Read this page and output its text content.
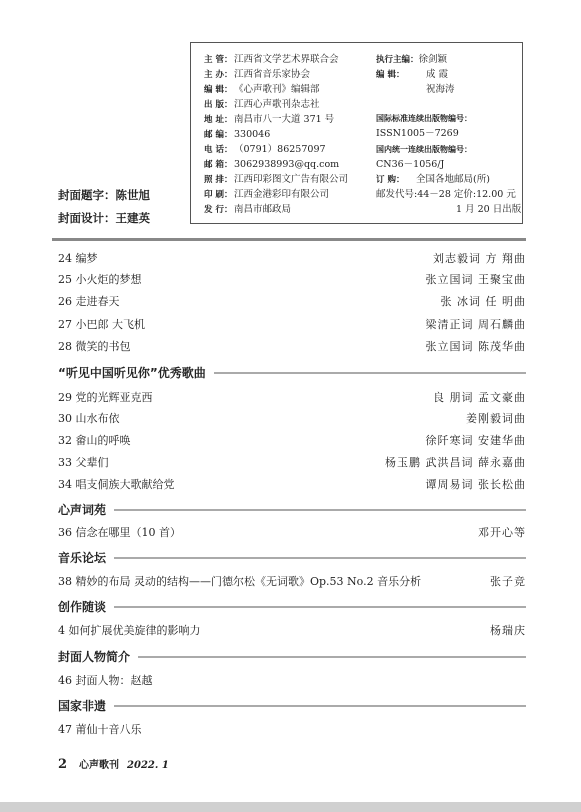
主 管： 江西省文学艺术界联合会
主 办： 江西省音乐家协会
编 辑： 《心声歌刊》编辑部
出 版： 江西心声歌刊杂志社
地 址： 南昌市八一大道 371 号
邮 编： 330046
电 话： （0791）86257097
邮 箱： 3062938993@qq.com
照 排： 江西印彩图文广告有限公司
印 刷： 江西金港彩印有限公司
发 行： 南昌市邮政局
执行主编：徐剑颖
编 辑： 成 霞
祝海涛
国际标准连续出版物编号：
ISSN1005－7269
国内统一连续出版物编号：
CN36－1056/J
订 购： 全国各地邮局(所)
邮发代号:44－28 定价:12.00 元
1 月 20 日出版
封面题字：陈世旭
封面设计：王建英
24 编梦	刘志毅词 方 翔曲
25 小火炬的梦想	张立国词 王聚宝曲
26 走进春天	张 冰词 任 明曲
27 小巴郎 大飞机	梁清正词 周石麟曲
28 微笑的书包	张立国词 陈茂华曲
“听见中国听见你”优秀歌曲
29 党的光辉亚克西	良 朋词 孟文豪曲
30 山水布依	姜刚毅词曲
32 畲山的呼唤	徐阡寒词 安建华曲
33 父辈们	杨玉鹏 武洪昌词 薛永嘉曲
34 唱支侗族大歌献给党	谭周易词 张长松曲
心声词苑
36 信念在哪里（10 首）	邓开心等
音乐论坛
38 精妙的布局 灵动的结构——门德尔松《无词歌》Op.53 No.2 音乐分析	张子竞
创作随谈
4 如何扩展优美旋律的影响力	杨瑞庆
封面人物简介
46 封面人物：赵越
国家非遗
47 莆仙十音八乐
2 心声歌刊 2022. 1
